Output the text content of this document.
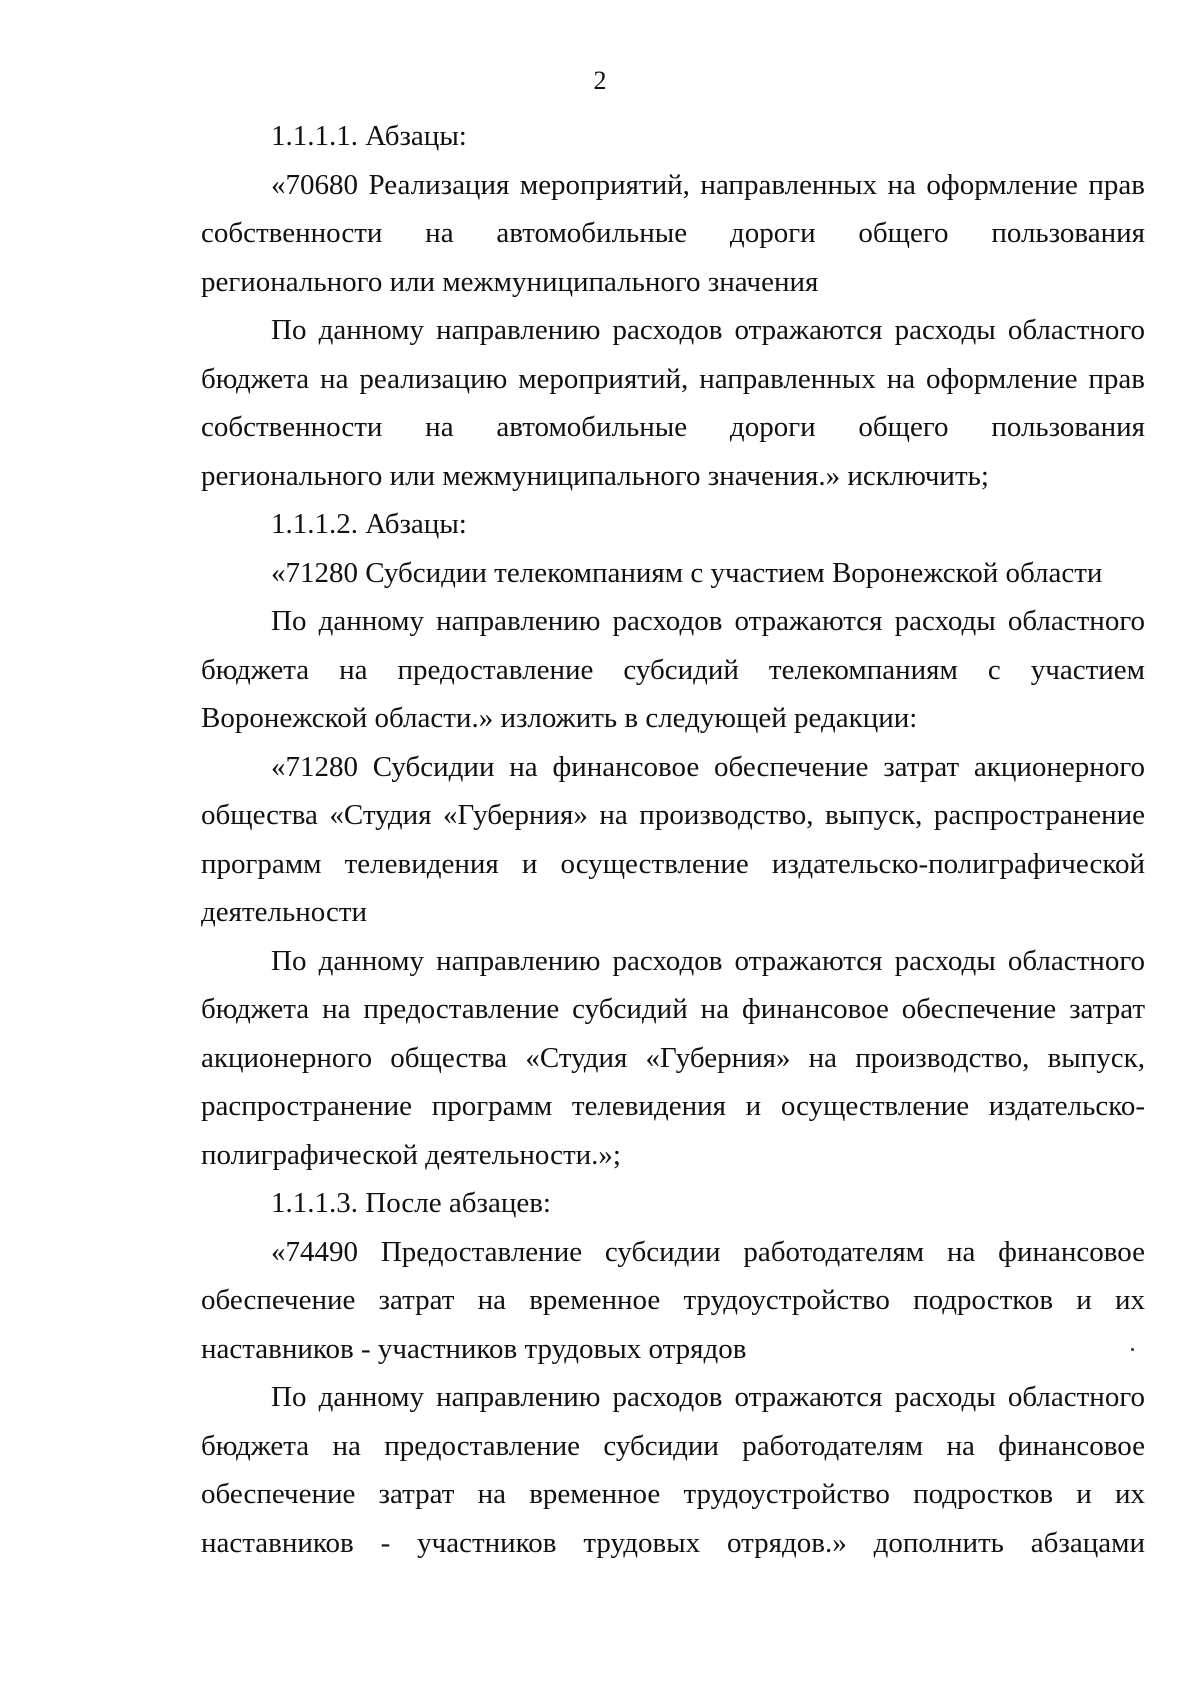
2

1.1.1.1. Абзацы:

«70680 Реализация мероприятий, направленных на оформление прав собственности на автомобильные дороги общего пользования регионального или межмуниципального значения

По данному направлению расходов отражаются расходы областного бюджета на реализацию мероприятий, направленных на оформление прав собственности на автомобильные дороги общего пользования регионального или межмуниципального значения.» исключить;

1.1.1.2. Абзацы:

«71280 Субсидии телекомпаниям с участием Воронежской области

По данному направлению расходов отражаются расходы областного бюджета на предоставление субсидий телекомпаниям с участием Воронежской области.» изложить в следующей редакции:

«71280 Субсидии на финансовое обеспечение затрат акционерного общества «Студия «Губерния» на производство, выпуск, распространение программ телевидения и осуществление издательско-полиграфической деятельности

По данному направлению расходов отражаются расходы областного бюджета на предоставление субсидий на финансовое обеспечение затрат акционерного общества «Студия «Губерния» на производство, выпуск, распространение программ телевидения и осуществление издательско-полиграфической деятельности.»;

1.1.1.3. После абзацев:

«74490 Предоставление субсидии работодателям на финансовое обеспечение затрат на временное трудоустройство подростков и их наставников - участников трудовых отрядов

По данному направлению расходов отражаются расходы областного бюджета на предоставление субсидии работодателям на финансовое обеспечение затрат на временное трудоустройство подростков и их наставников - участников трудовых отрядов.» дополнить абзацами
